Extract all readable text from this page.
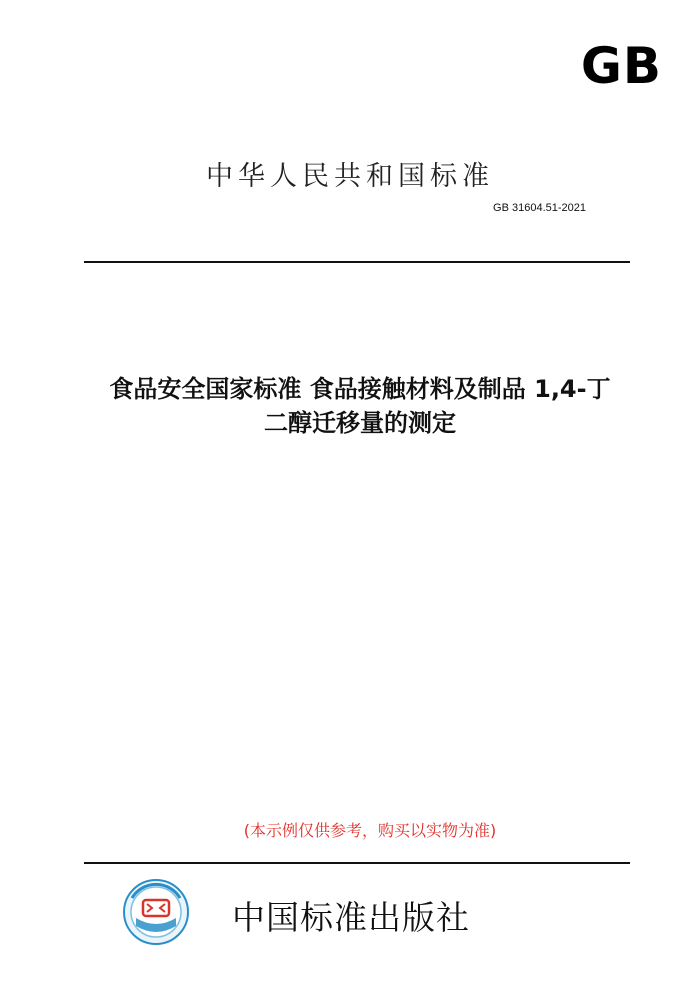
GB
中华人民共和国标准
GB 31604.51-2021
食品安全国家标准 食品接触材料及制品 1,4-丁
二醇迁移量的测定
(本示例仅供参考，购买以实物为准)
中国标准出版社
